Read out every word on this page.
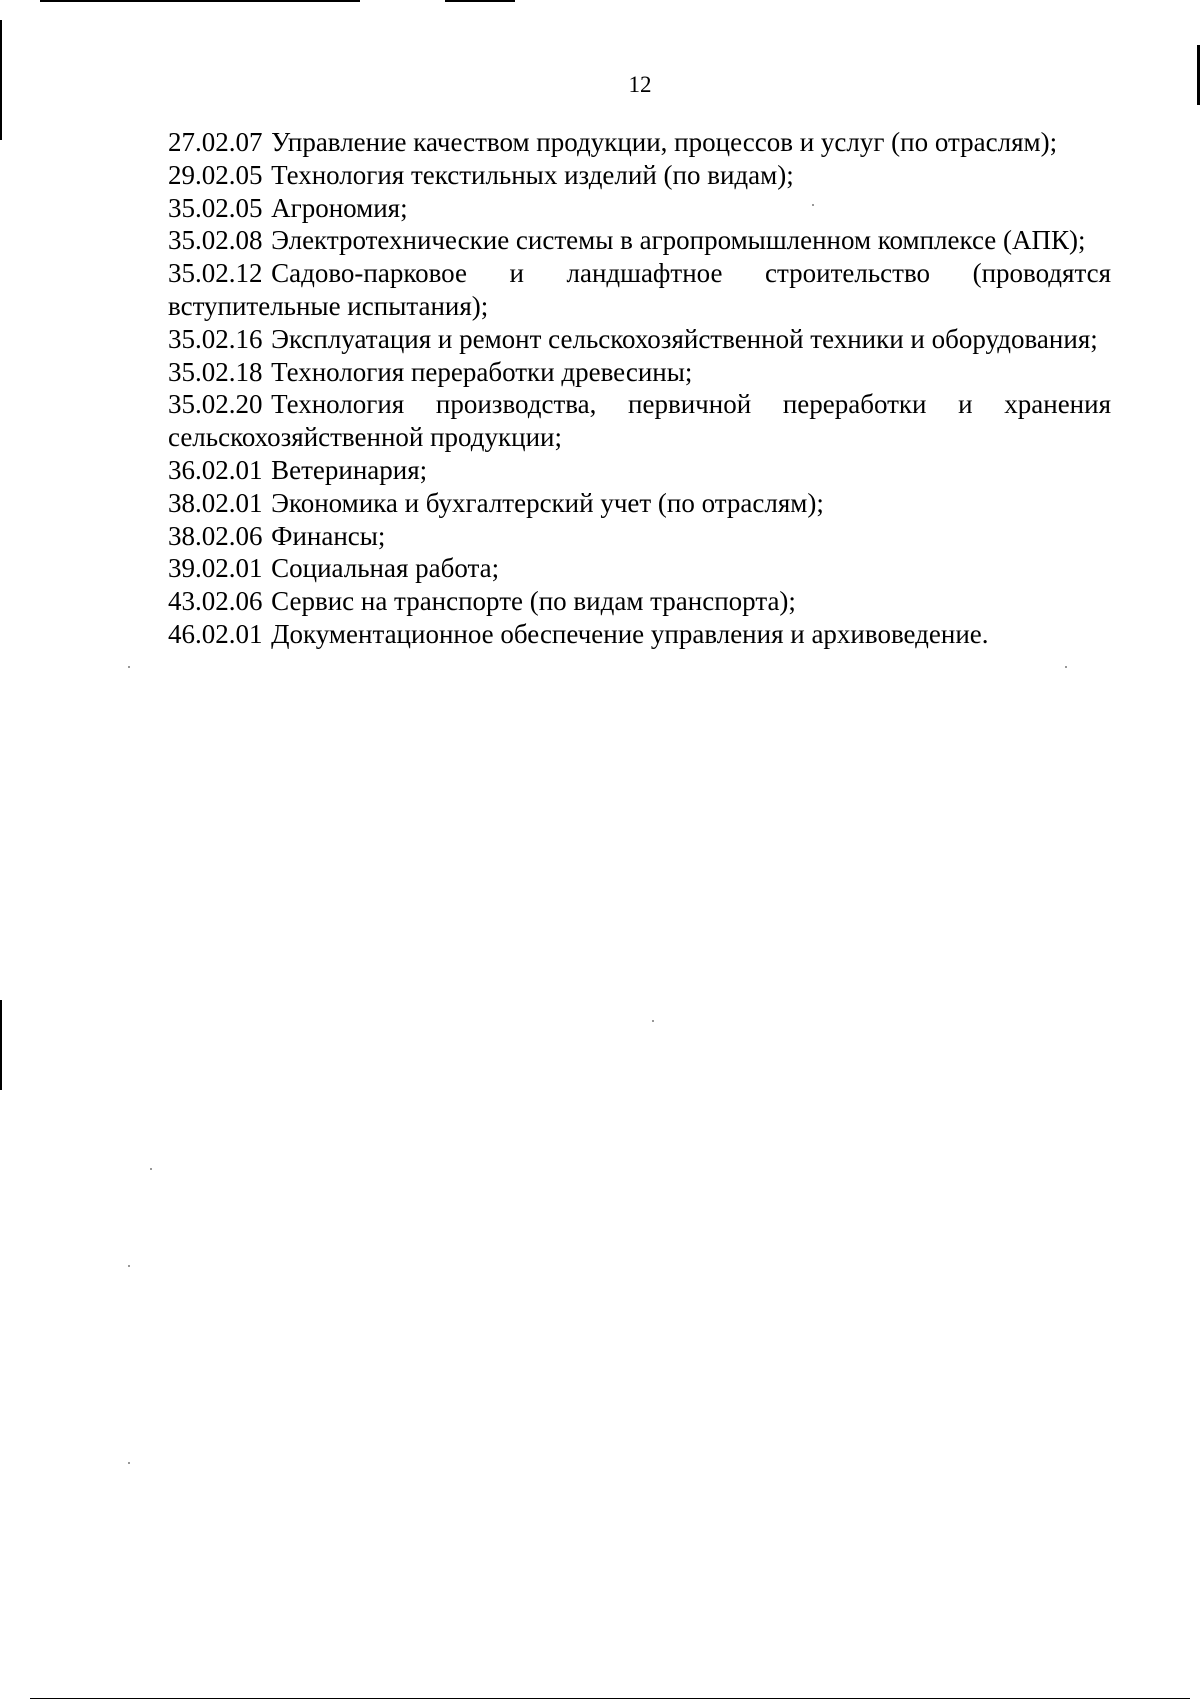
12

27.02.07 Управление качеством продукции, процессов и услуг (по отраслям);

29.02.05 Технология текстильных изделий (по видам);

35.02.05 Агрономия;

35.02.08 Электротехнические системы в агропромышленном комплексе (АПК);

35.02.12 Садово-парковое и ландшафтное строительство (проводятся вступительные испытания);

35.02.16 Эксплуатация и ремонт сельскохозяйственной техники и оборудования;

35.02.18 Технология переработки древесины;

35.02.20 Технология производства, первичной переработки и хранения сельскохозяйственной продукции;

36.02.01 Ветеринария;

38.02.01 Экономика и бухгалтерский учет (по отраслям);

38.02.06 Финансы;

39.02.01 Социальная работа;

43.02.06 Сервис на транспорте (по видам транспорта);

46.02.01 Документационное обеспечение управления и архивоведение.
